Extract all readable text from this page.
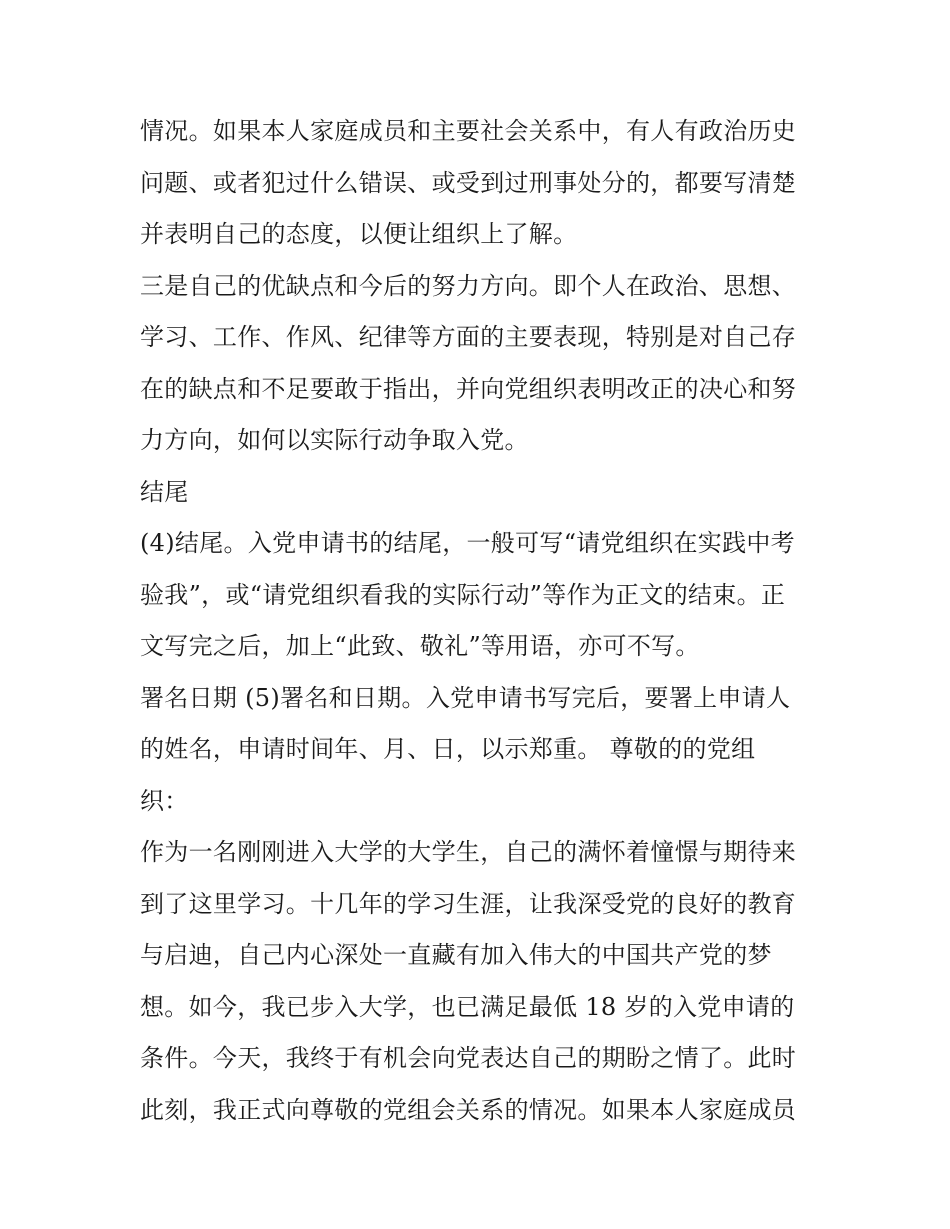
情况。如果本人家庭成员和主要社会关系中，有人有政治历史
问题、或者犯过什么错误、或受到过刑事处分的，都要写清楚
并表明自己的态度，以便让组织上了解。
三是自己的优缺点和今后的努力方向。即个人在政治、思想、
学习、工作、作风、纪律等方面的主要表现，特别是对自己存
在的缺点和不足要敢于指出，并向党组织表明改正的决心和努
力方向，如何以实际行动争取入党。
结尾
(4)结尾。入党申请书的结尾，一般可写“请党组织在实践中考
验我”，或“请党组织看我的实际行动”等作为正文的结束。正
文写完之后，加上“此致、敬礼”等用语，亦可不写。
署名日期 (5)署名和日期。入党申请书写完后，要署上申请人
的姓名，申请时间年、月、日，以示郑重。 尊敬的的党组
织：
作为一名刚刚进入大学的大学生，自己的满怀着憧憬与期待来
到了这里学习。十几年的学习生涯，让我深受党的良好的教育
与启迪，自己内心深处一直藏有加入伟大的中国共产党的梦
想。如今，我已步入大学，也已满足最低 18 岁的入党申请的
条件。今天，我终于有机会向党表达自己的期盼之情了。此时
此刻，我正式向尊敬的党组会关系的情况。如果本人家庭成员
